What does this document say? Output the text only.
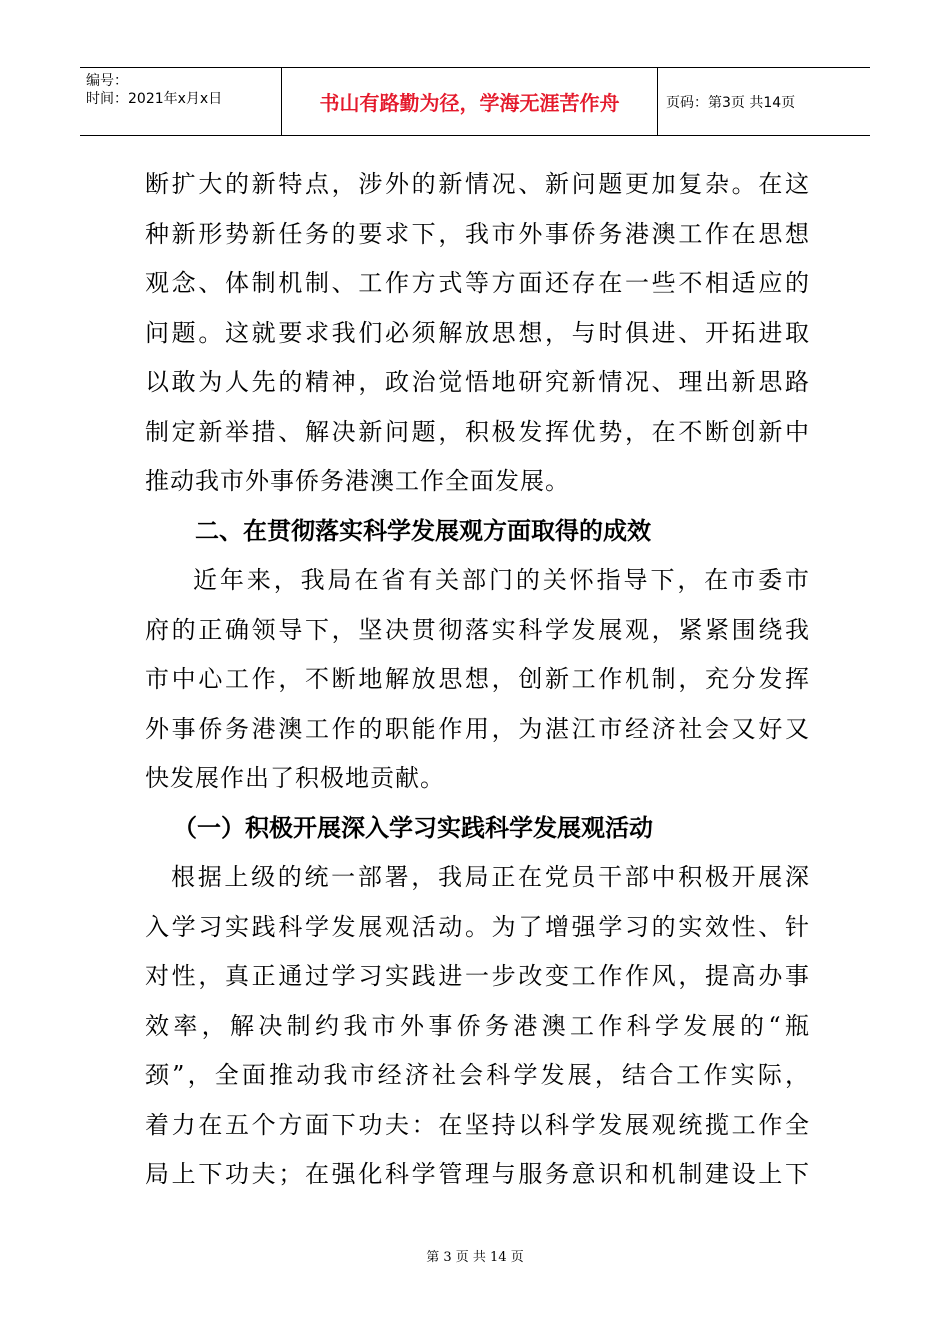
编号：
时间：2021年x月x日	书山有路勤为径，学海无涯苦作舟	页码：第3页 共14页
断扩大的新特点，涉外的新情况、新问题更加复杂。在这
种新形势新任务的要求下，我市外事侨务港澳工作在思想
观念、体制机制、工作方式等方面还存在一些不相适应的
问题。这就要求我们必须解放思想，与时俱进、开拓进取
以敢为人先的精神，政治觉悟地研究新情况、理出新思路
制定新举措、解决新问题，积极发挥优势，在不断创新中
推动我市外事侨务港澳工作全面发展。
二、在贯彻落实科学发展观方面取得的成效
近年来，我局在省有关部门的关怀指导下，在市委市
府的正确领导下，坚决贯彻落实科学发展观，紧紧围绕我
市中心工作，不断地解放思想，创新工作机制，充分发挥
外事侨务港澳工作的职能作用，为湛江市经济社会又好又
快发展作出了积极地贡献。
（一）积极开展深入学习实践科学发展观活动
根据上级的统一部署，我局正在党员干部中积极开展深
入学习实践科学发展观活动。为了增强学习的实效性、针
对性，真正通过学习实践进一步改变工作作风，提高办事
效率，解决制约我市外事侨务港澳工作科学发展的“瓶
颈”，全面推动我市经济社会科学发展，结合工作实际，
着力在五个方面下功夫：在坚持以科学发展观统揽工作全
局上下功夫；在强化科学管理与服务意识和机制建设上下
第 3 页 共 14 页
